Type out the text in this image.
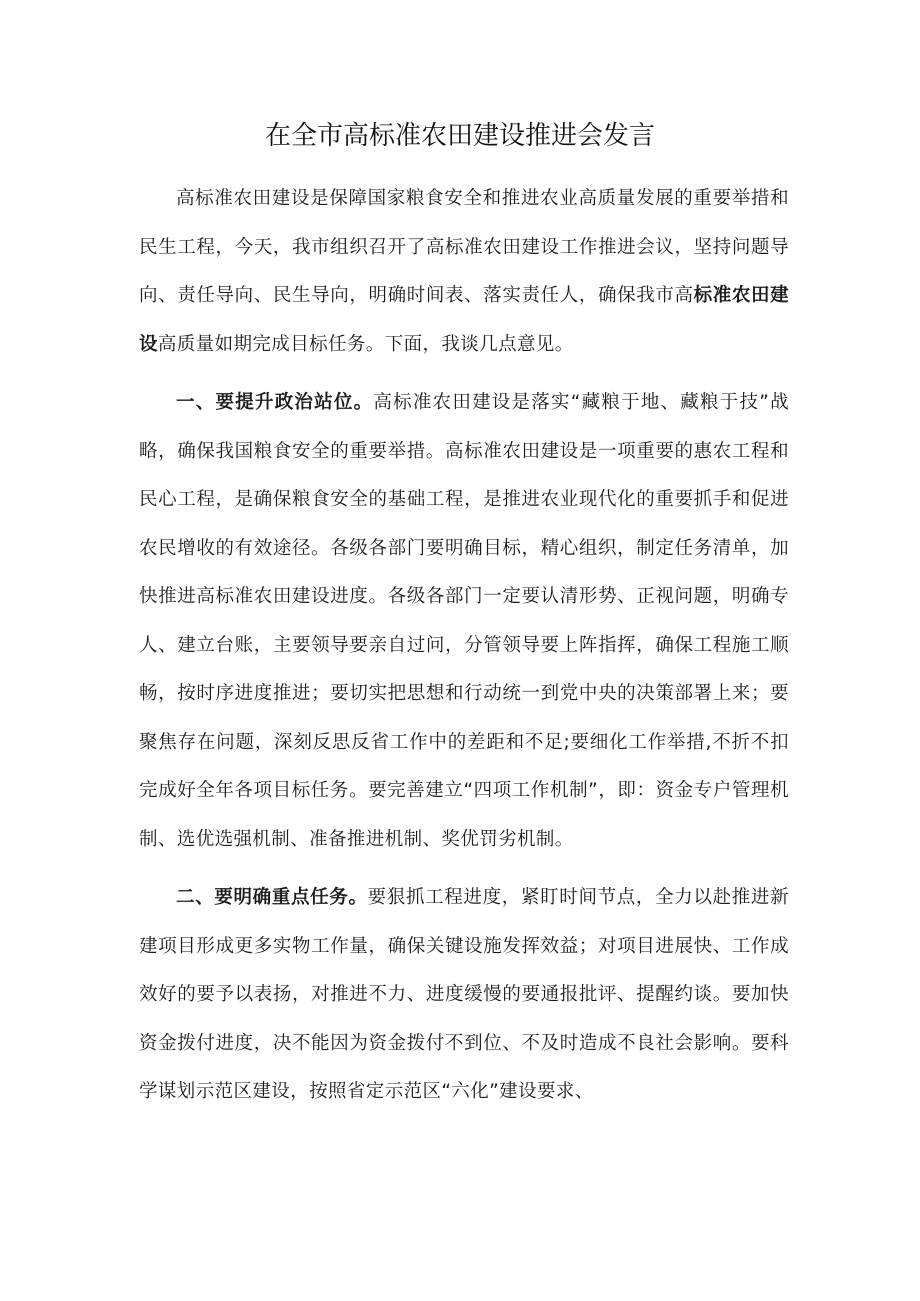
在全市高标准农田建设推进会发言

高标准农田建设是保障国家粮食安全和推进农业高质量发展的重要举措和民生工程，今天，我市组织召开了高标准农田建设工作推进会议，坚持问题导向、责任导向、民生导向，明确时间表、落实责任人，确保我市高标准农田建设高质量如期完成目标任务。下面，我谈几点意见。

一、要提升政治站位。高标准农田建设是落实“藏粮于地、藏粮于技”战略，确保我国粮食安全的重要举措。高标准农田建设是一项重要的惠农工程和民心工程，是确保粮食安全的基础工程，是推进农业现代化的重要抓手和促进农民增收的有效途径。各级各部门要明确目标，精心组织，制定任务清单，加快推进高标准农田建设进度。各级各部门一定要认清形势、正视问题，明确专人、建立台账，主要领导要亲自过问，分管领导要上阵指挥，确保工程施工顺畅，按时序进度推进；要切实把思想和行动统一到党中央的决策部署上来；要聚焦存在问题，深刻反思反省工作中的差距和不足;要细化工作举措,不折不扣完成好全年各项目标任务。要完善建立“四项工作机制”，即：资金专户管理机制、选优选强机制、准备推进机制、奖优罚劣机制。

二、要明确重点任务。要狠抓工程进度，紧盯时间节点，全力以赴推进新建项目形成更多实物工作量，确保关键设施发挥效益；对项目进展快、工作成效好的要予以表扬，对推进不力、进度缓慢的要通报批评、提醒约谈。要加快资金拨付进度，决不能因为资金拨付不到位、不及时造成不良社会影响。要科学谋划示范区建设，按照省定示范区“六化”建设要求、
